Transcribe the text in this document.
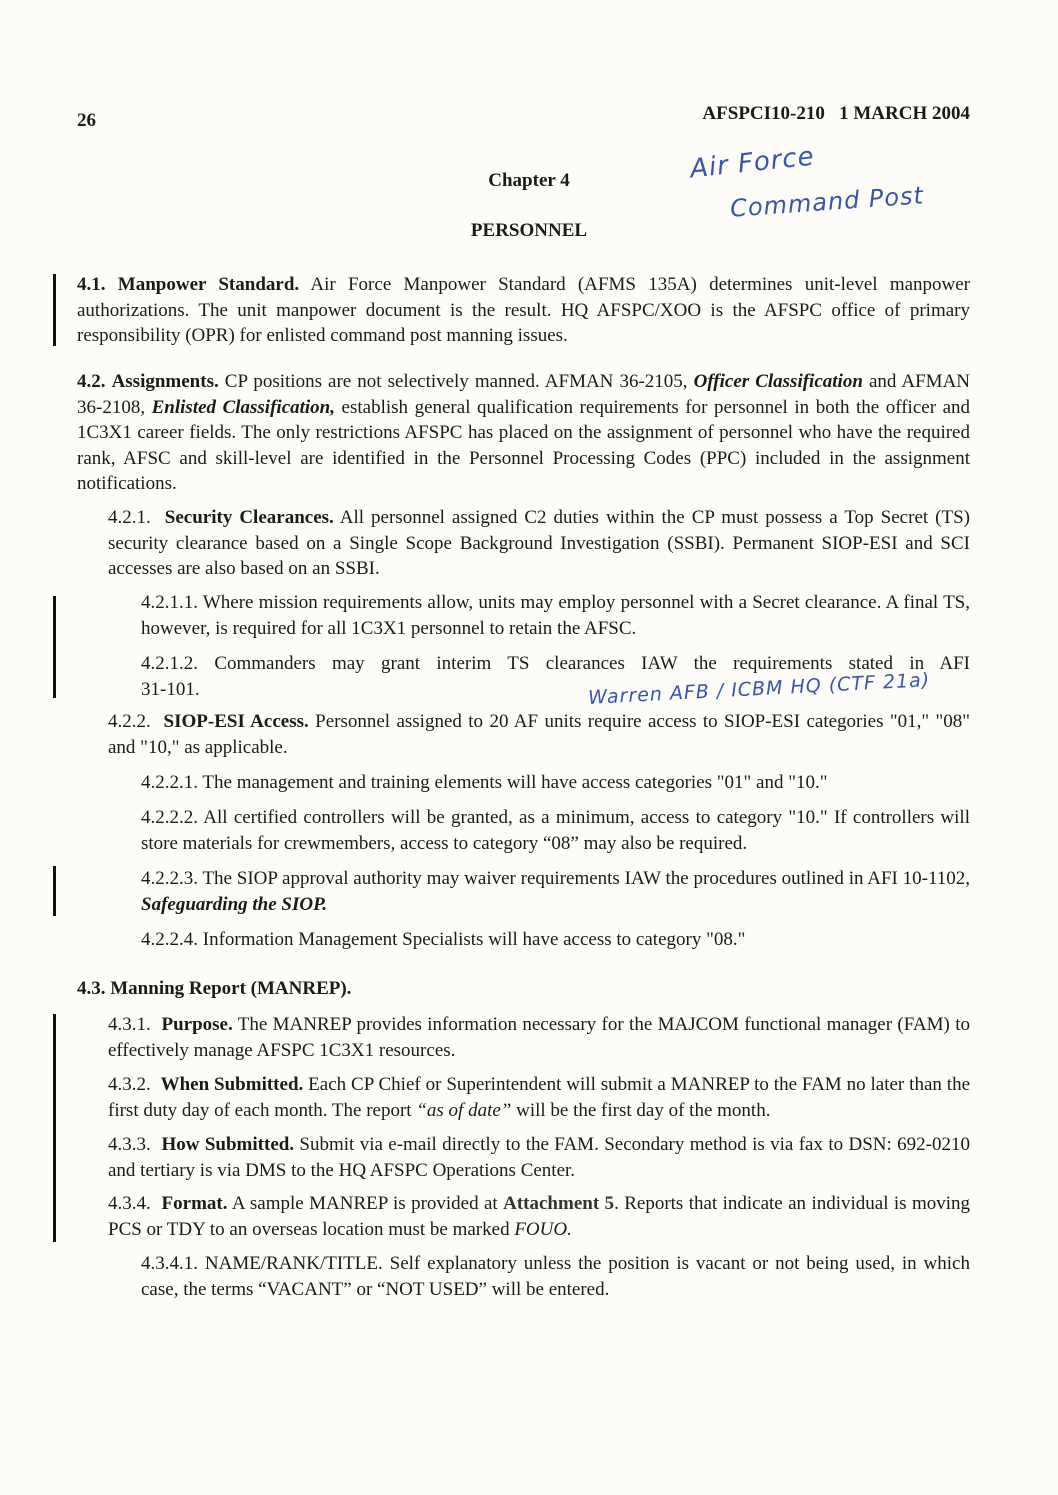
26	AFSPCI10-210   1 MARCH 2004
Air Force
Command Post
Chapter 4
PERSONNEL
4.1. Manpower Standard. Air Force Manpower Standard (AFMS 135A) determines unit-level manpower authorizations. The unit manpower document is the result. HQ AFSPC/XOO is the AFSPC office of primary responsibility (OPR) for enlisted command post manning issues.
4.2. Assignments. CP positions are not selectively manned. AFMAN 36-2105, Officer Classification and AFMAN 36-2108, Enlisted Classification, establish general qualification requirements for personnel in both the officer and 1C3X1 career fields. The only restrictions AFSPC has placed on the assignment of personnel who have the required rank, AFSC and skill-level are identified in the Personnel Processing Codes (PPC) included in the assignment notifications.
4.2.1. Security Clearances. All personnel assigned C2 duties within the CP must possess a Top Secret (TS) security clearance based on a Single Scope Background Investigation (SSBI). Permanent SIOP-ESI and SCI accesses are also based on an SSBI.
4.2.1.1. Where mission requirements allow, units may employ personnel with a Secret clearance. A final TS, however, is required for all 1C3X1 personnel to retain the AFSC.
4.2.1.2. Commanders may grant interim TS clearances IAW the requirements stated in AFI
31-101.	Warren AFB / ICBM HQ (CTF 21a)
4.2.2. SIOP-ESI Access. Personnel assigned to 20 AF units require access to SIOP-ESI categories "01," "08" and "10," as applicable.
4.2.2.1. The management and training elements will have access categories "01" and "10."
4.2.2.2. All certified controllers will be granted, as a minimum, access to category "10." If controllers will store materials for crewmembers, access to category “08” may also be required.
4.2.2.3. The SIOP approval authority may waiver requirements IAW the procedures outlined in AFI 10-1102, Safeguarding the SIOP.
4.2.2.4. Information Management Specialists will have access to category "08."
4.3. Manning Report (MANREP).
4.3.1. Purpose. The MANREP provides information necessary for the MAJCOM functional manager (FAM) to effectively manage AFSPC 1C3X1 resources.
4.3.2. When Submitted. Each CP Chief or Superintendent will submit a MANREP to the FAM no later than the first duty day of each month. The report “as of date” will be the first day of the month.
4.3.3. How Submitted. Submit via e-mail directly to the FAM. Secondary method is via fax to DSN: 692-0210 and tertiary is via DMS to the HQ AFSPC Operations Center.
4.3.4. Format. A sample MANREP is provided at Attachment 5. Reports that indicate an individual is moving PCS or TDY to an overseas location must be marked FOUO.
4.3.4.1. NAME/RANK/TITLE. Self explanatory unless the position is vacant or not being used, in which case, the terms “VACANT” or “NOT USED” will be entered.
